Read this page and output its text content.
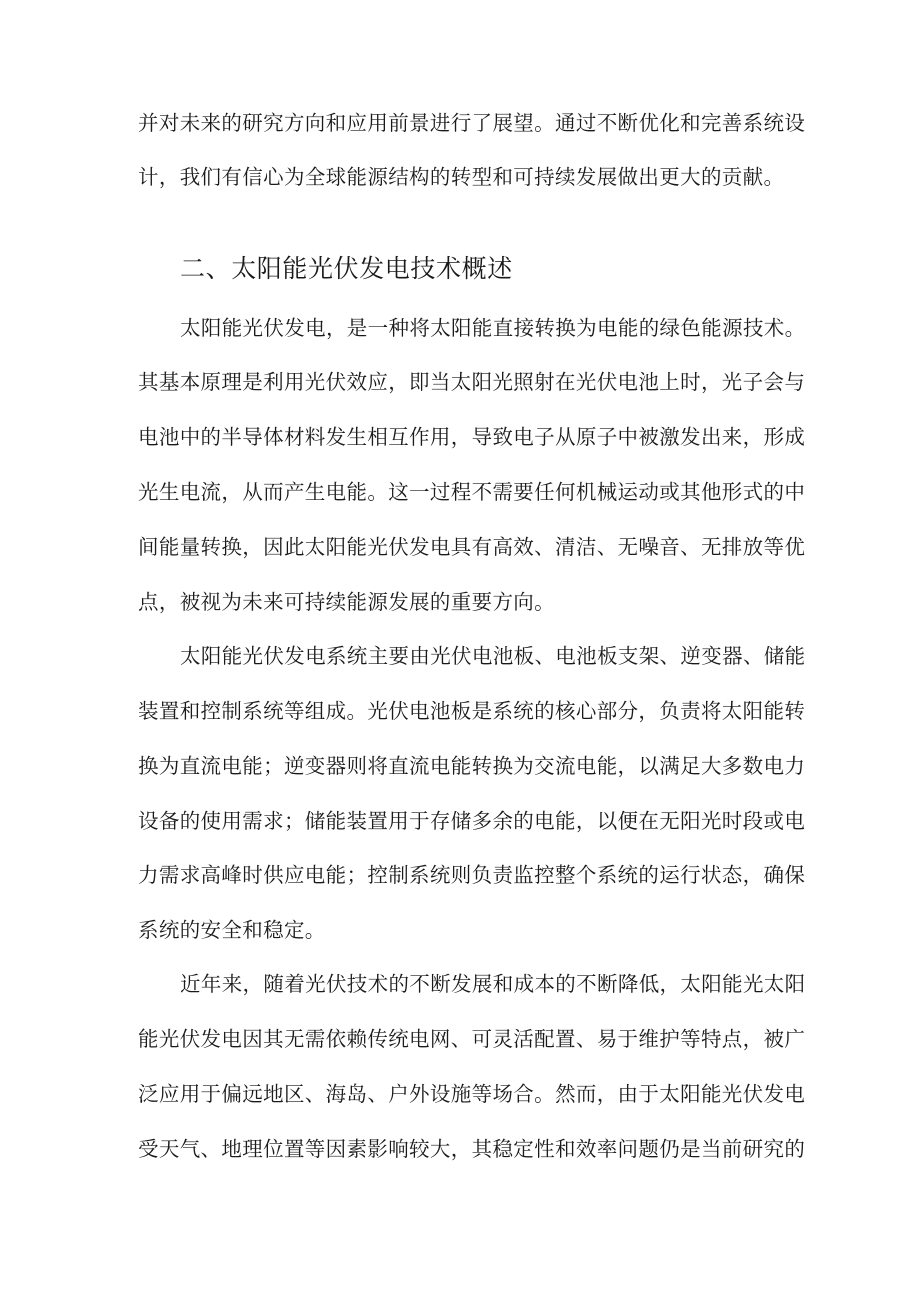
并对未来的研究方向和应用前景进行了展望。通过不断优化和完善系统设
计，我们有信心为全球能源结构的转型和可持续发展做出更大的贡献。
二、太阳能光伏发电技术概述
太阳能光伏发电，是一种将太阳能直接转换为电能的绿色能源技术。
其基本原理是利用光伏效应，即当太阳光照射在光伏电池上时，光子会与
电池中的半导体材料发生相互作用，导致电子从原子中被激发出来，形成
光生电流，从而产生电能。这一过程不需要任何机械运动或其他形式的中
间能量转换，因此太阳能光伏发电具有高效、清洁、无噪音、无排放等优
点，被视为未来可持续能源发展的重要方向。
太阳能光伏发电系统主要由光伏电池板、电池板支架、逆变器、储能
装置和控制系统等组成。光伏电池板是系统的核心部分，负责将太阳能转
换为直流电能；逆变器则将直流电能转换为交流电能，以满足大多数电力
设备的使用需求；储能装置用于存储多余的电能，以便在无阳光时段或电
力需求高峰时供应电能；控制系统则负责监控整个系统的运行状态，确保
系统的安全和稳定。
近年来，随着光伏技术的不断发展和成本的不断降低，太阳能光太阳
能光伏发电因其无需依赖传统电网、可灵活配置、易于维护等特点，被广
泛应用于偏远地区、海岛、户外设施等场合。然而，由于太阳能光伏发电
受天气、地理位置等因素影响较大，其稳定性和效率问题仍是当前研究的
